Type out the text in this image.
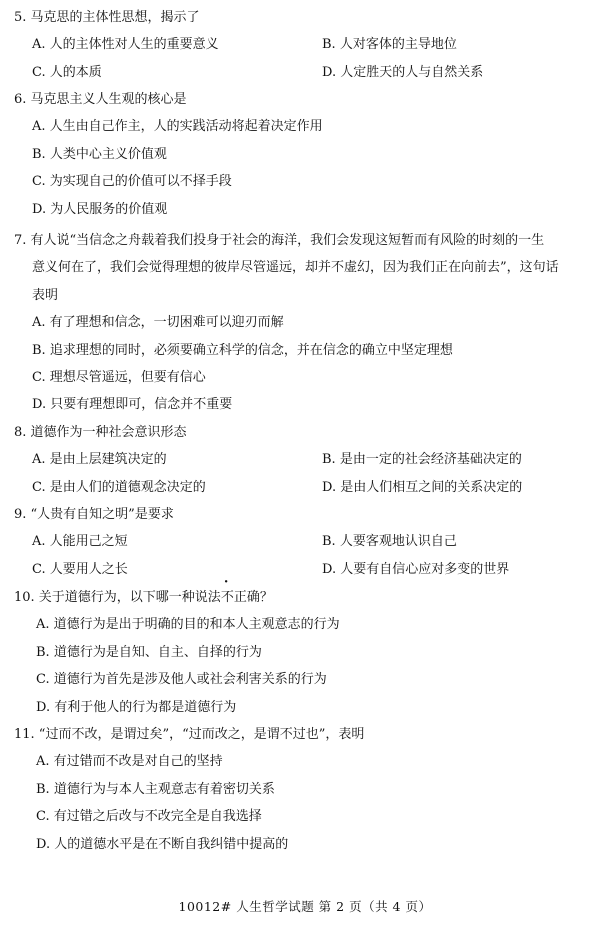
5. 马克思的主体性思想，揭示了
A. 人的主体性对人生的重要意义	B. 人对客体的主导地位
C. 人的本质	D. 人定胜天的人与自然关系
6. 马克思主义人生观的核心是
A. 人生由自己作主，人的实践活动将起着决定作用
B. 人类中心主义价值观
C. 为实现自己的价值可以不择手段
D. 为人民服务的价值观
7. 有人说“当信念之舟载着我们投身于社会的海洋，我们会发现这短暂而有风险的时刻的一生
意义何在了，我们会觉得理想的彼岸尽管遥远，却并不虚幻，因为我们正在向前去”，这句话
表明
A. 有了理想和信念，一切困难可以迎刃而解
B. 追求理想的同时，必须要确立科学的信念，并在信念的确立中坚定理想
C. 理想尽管遥远，但要有信心
D. 只要有理想即可，信念并不重要
8. 道德作为一种社会意识形态
A. 是由上层建筑决定的	B. 是由一定的社会经济基础决定的
C. 是由人们的道德观念决定的	D. 是由人们相互之间的关系决定的
9. “人贵有自知之明”是要求
A. 人能用己之短	B. 人要客观地认识自己
C. 人要用人之长	D. 人要有自信心应对多变的世界
10. 关于道德行为，以下哪一种说法不正确？
A. 道德行为是出于明确的目的和本人主观意志的行为
B. 道德行为是自知、自主、自择的行为
C. 道德行为首先是涉及他人或社会利害关系的行为
D. 有利于他人的行为都是道德行为
11. “过而不改，是谓过矣”，“过而改之，是谓不过也”，表明
A. 有过错而不改是对自己的坚持
B. 道德行为与本人主观意志有着密切关系
C. 有过错之后改与不改完全是自我选择
D. 人的道德水平是在不断自我纠错中提高的
10012# 人生哲学试题 第 2 页（共 4 页）
